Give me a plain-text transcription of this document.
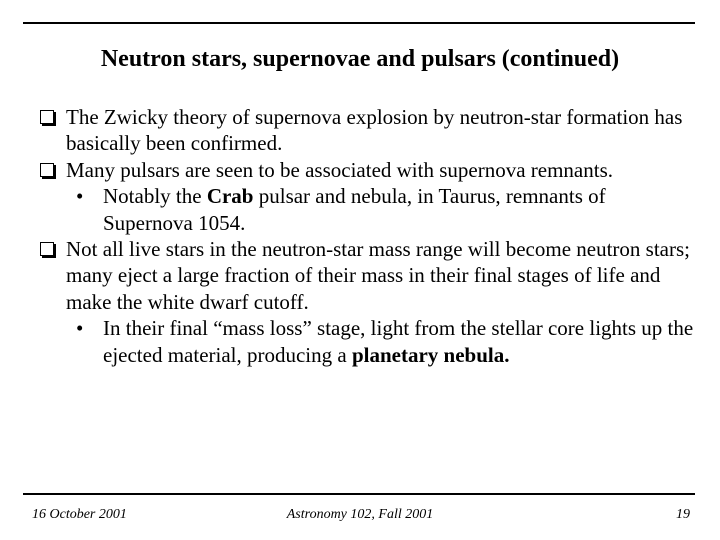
Neutron stars, supernovae and pulsars (continued)
The Zwicky theory of supernova explosion by neutron-star formation has basically been confirmed.
Many pulsars are seen to be associated with supernova remnants.
• Notably the Crab pulsar and nebula, in Taurus, remnants of Supernova 1054.
Not all live stars in the neutron-star mass range will become neutron stars; many eject a large fraction of their mass in their final stages of life and make the white dwarf cutoff.
• In their final “mass loss” stage, light from the stellar core lights up the ejected material, producing a planetary nebula.
16 October 2001	Astronomy 102, Fall 2001	19
